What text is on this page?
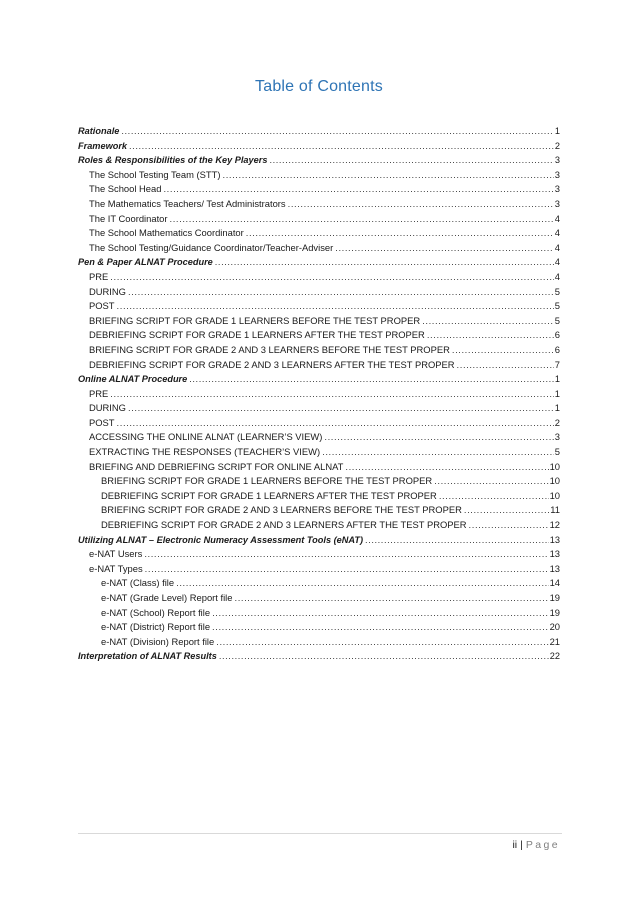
Table of Contents
Rationale .....	1
Framework .....	2
Roles & Responsibilities of the Key Players .....	3
The School Testing Team (STT) .....	3
The School Head .....	3
The Mathematics Teachers/ Test Administrators .....	3
The IT Coordinator .....	4
The School Mathematics Coordinator .....	4
The School Testing/Guidance Coordinator/Teacher-Adviser .....	4
Pen & Paper ALNAT Procedure .....	4
PRE .....	4
DURING .....	5
POST .....	5
BRIEFING SCRIPT FOR GRADE 1 LEARNERS BEFORE THE TEST PROPER .....	5
DEBRIEFING SCRIPT FOR GRADE 1 LEARNERS AFTER THE TEST PROPER .....	6
BRIEFING SCRIPT FOR GRADE 2 AND 3 LEARNERS BEFORE THE TEST PROPER .....	6
DEBRIEFING SCRIPT FOR GRADE 2 AND 3 LEARNERS AFTER THE TEST PROPER .....	7
Online ALNAT Procedure .....	1
PRE .....	1
DURING .....	1
POST .....	2
ACCESSING THE ONLINE ALNAT (LEARNER’S VIEW) .....	3
EXTRACTING THE RESPONSES (TEACHER’S VIEW) .....	5
BRIEFING AND DEBRIEFING SCRIPT FOR ONLINE ALNAT .....	10
BRIEFING SCRIPT FOR GRADE 1 LEARNERS BEFORE THE TEST PROPER .....	10
DEBRIEFING SCRIPT FOR GRADE 1 LEARNERS AFTER THE TEST PROPER .....	10
BRIEFING SCRIPT FOR GRADE 2 AND 3 LEARNERS BEFORE THE TEST PROPER .....	11
DEBRIEFING SCRIPT FOR GRADE 2 AND 3 LEARNERS AFTER THE TEST PROPER .....	12
Utilizing ALNAT – Electronic Numeracy Assessment Tools (eNAT) .....	13
e-NAT Users .....	13
e-NAT Types .....	13
e-NAT (Class) file .....	14
e-NAT (Grade Level) Report file .....	19
e-NAT (School) Report file .....	19
e-NAT (District) Report file .....	20
e-NAT (Division) Report file .....	21
Interpretation of ALNAT Results .....	22
ii | Page
